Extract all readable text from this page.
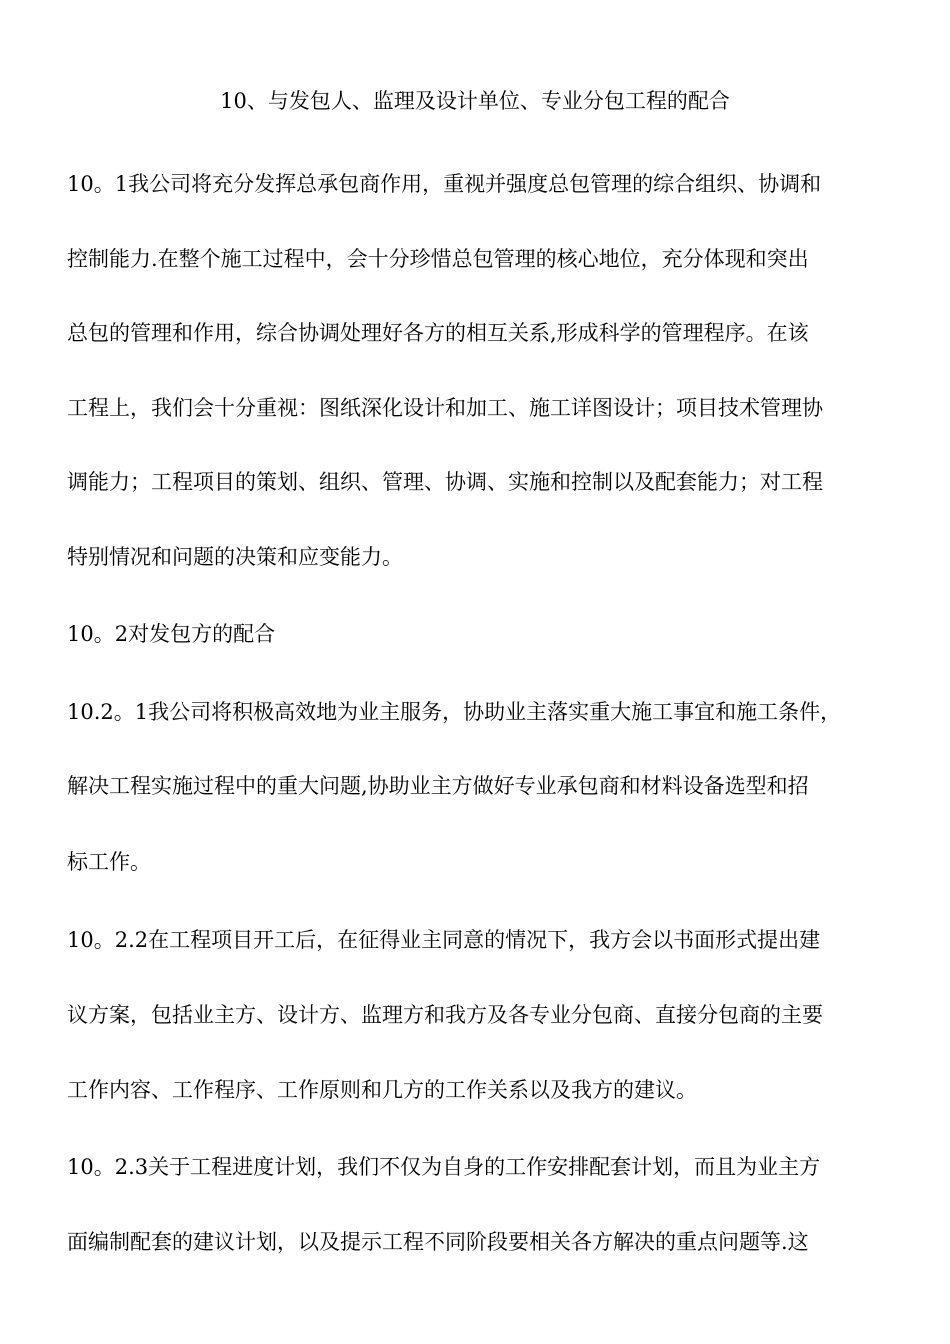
10、与发包人、监理及设计单位、专业分包工程的配合
10。1我公司将充分发挥总承包商作用，重视并强度总包管理的综合组织、协调和
控制能力.在整个施工过程中，会十分珍惜总包管理的核心地位，充分体现和突出
总包的管理和作用，综合协调处理好各方的相互关系,形成科学的管理程序。在该
工程上，我们会十分重视：图纸深化设计和加工、施工详图设计；项目技术管理协
调能力；工程项目的策划、组织、管理、协调、实施和控制以及配套能力；对工程
特别情况和问题的决策和应变能力。
10。2对发包方的配合
10.2。1我公司将积极高效地为业主服务，协助业主落实重大施工事宜和施工条件，
解决工程实施过程中的重大问题,协助业主方做好专业承包商和材料设备选型和招
标工作。
10。2.2在工程项目开工后，在征得业主同意的情况下，我方会以书面形式提出建
议方案，包括业主方、设计方、监理方和我方及各专业分包商、直接分包商的主要
工作内容、工作程序、工作原则和几方的工作关系以及我方的建议。
10。2.3关于工程进度计划，我们不仅为自身的工作安排配套计划，而且为业主方
面编制配套的建议计划，以及提示工程不同阶段要相关各方解决的重点问题等.这
